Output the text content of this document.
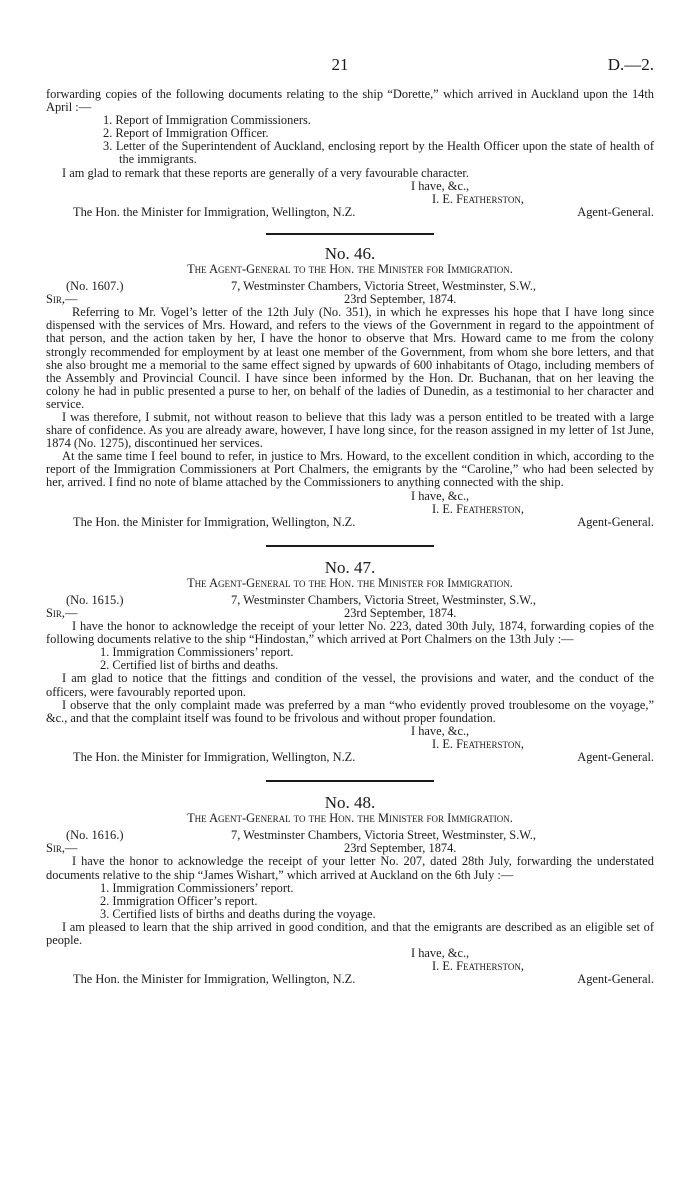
21	D.—2.

forwarding copies of the following documents relating to the ship “Dorette,” which arrived in Auckland upon the 14th April :—

1. Report of Immigration Commissioners.

2. Report of Immigration Officer.

3. Letter of the Superintendent of Auckland, enclosing report by the Health Officer upon the state of health of the immigrants.

I am glad to remark that these reports are generally of a very favourable character.

I have, &c.,

I. E. Featherston,

The Hon. the Minister for Immigration, Wellington, N.Z.	Agent-General.
No. 46.
The Agent-General to the Hon. the Minister for Immigration.
(No. 1607.)	7, Westminster Chambers, Victoria Street, Westminster, S.W.,
Sir,—	23rd September, 1874.

Referring to Mr. Vogel’s letter of the 12th July (No. 351), in which he expresses his hope that I have long since dispensed with the services of Mrs. Howard, and refers to the views of the Government in regard to the appointment of that person, and the action taken by her, I have the honor to observe that Mrs. Howard came to me from the colony strongly recommended for employment by at least one member of the Government, from whom she bore letters, and that she also brought me a memorial to the same effect signed by upwards of 600 inhabitants of Otago, including members of the Assembly and Provincial Council. I have since been informed by the Hon. Dr. Buchanan, that on her leaving the colony he had in public presented a purse to her, on behalf of the ladies of Dunedin, as a testimonial to her character and service.

I was therefore, I submit, not without reason to believe that this lady was a person entitled to be treated with a large share of confidence. As you are already aware, however, I have long since, for the reason assigned in my letter of 1st June, 1874 (No. 1275), discontinued her services.

At the same time I feel bound to refer, in justice to Mrs. Howard, to the excellent condition in which, according to the report of the Immigration Commissioners at Port Chalmers, the emigrants by the “Caroline,” who had been selected by her, arrived. I find no note of blame attached by the Commissioners to anything connected with the ship.

I have, &c.,

I. E. Featherston,

The Hon. the Minister for Immigration, Wellington, N.Z.	Agent-General.
No. 47.
The Agent-General to the Hon. the Minister for Immigration.
(No. 1615.)	7, Westminster Chambers, Victoria Street, Westminster, S.W.,
Sir,—	23rd September, 1874.

I have the honor to acknowledge the receipt of your letter No. 223, dated 30th July, 1874, forwarding copies of the following documents relative to the ship “Hindostan,” which arrived at Port Chalmers on the 13th July :—

1. Immigration Commissioners’ report.

2. Certified list of births and deaths.

I am glad to notice that the fittings and condition of the vessel, the provisions and water, and the conduct of the officers, were favourably reported upon.

I observe that the only complaint made was preferred by a man “who evidently proved troublesome on the voyage,” &c., and that the complaint itself was found to be frivolous and without proper foundation.

I have, &c.,

I. E. Featherston,

The Hon. the Minister for Immigration, Wellington, N.Z.	Agent-General.
No. 48.
The Agent-General to the Hon. the Minister for Immigration.
(No. 1616.)	7, Westminster Chambers, Victoria Street, Westminster, S.W.,
Sir,—	23rd September, 1874.

I have the honor to acknowledge the receipt of your letter No. 207, dated 28th July, forwarding the understated documents relative to the ship “James Wishart,” which arrived at Auckland on the 6th July :—

1. Immigration Commissioners’ report.

2. Immigration Officer’s report.

3. Certified lists of births and deaths during the voyage.

I am pleased to learn that the ship arrived in good condition, and that the emigrants are described as an eligible set of people.

I have, &c.,

I. E. Featherston,

The Hon. the Minister for Immigration, Wellington, N.Z.	Agent-General.
